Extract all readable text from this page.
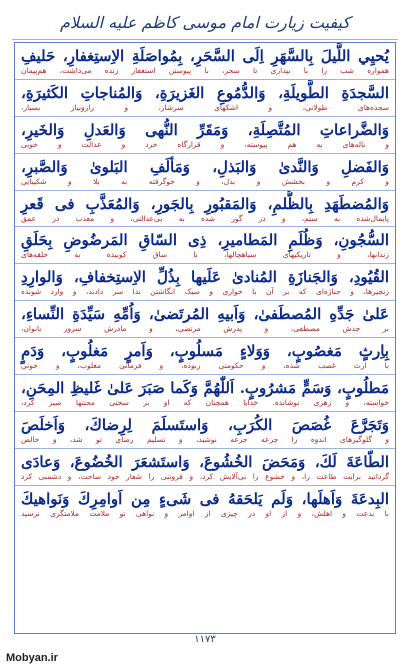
کیفیت زیارت امام موسی کاظم علیه السلام
يُحيِي اللَّيلَ بِالسَّهَرِ اِلَى السَّحَرِ، بِمُواصَلَةِ الاِستِغفارِ، حَليفِ
همواره شب را با بیداری تا سحر، با پیوستن استغفار زنده می‌داشت، هم‌پیمان
السَّجدَةِ الطَّويلَةِ، وَالدُّمُوعِ الغَزيرَةِ، وَالمُناجاتِ الكَثيرَةِ،
سجده‌های طولانی، و اشکهای سرشار، و رازونیاز بسیار،
وَالضَّراعاتِ المُتَّصِلَةِ، وَمَقَرِّ النُّهى وَالعَدلِ وَالخَيرِ،
و ناله‌های به هم پیوسته، و قرارگاه خرد و عدالت و خوبی
وَالفَضلِ وَالنَّدىٰ وَالبَذلِ، وَمَألَفِ البَلوىٰ وَالصَّبرِ،
و کرم و بخشش و بذل، و خوگرفته به بلا و شکیبایی
وَالمُضطَهَدِ بِالظُّلمِ، وَالمَقبُورِ بِالجَورِ، وَالمُعَذَّبِ فى قَعرِ
پایمال‌شده به ستم، و در گور شده به بی‌عدالتی، و معذب در عمق
السُّجُونِ، وَظُلَمِ المَطاميرِ، ذِى السّاقِ المَرضُوضِ بِحَلَقِ
زندانها، و تاریکیهای سیاهچالها، با ساق کوبیده به حلقه‌های
القُيُودِ، وَالجَنازَةِ المُنادىٰ عَلَيها بِذُلِّ الاِستِخفافِ، وَالوارِدِ
زنجیرها، و جنازه‌ای که بر آن با خواری و سبک انگاشتن ندا سر دادند، و وارد شونده
عَلىٰ جَدِّهِ المُصطَفىٰ، وَاَبيهِ المُرتَضىٰ، وَاُمِّهِ سَيِّدَةِ النِّساءِ،
بر جدش مصطفی، و پدرش مرتضی، و مادرش سرور بانوان،
بِاِرثٍ مَغصُوبٍ، وَوَلاءٍ مَسلُوبٍ، وَاَمرٍ مَغلُوبٍ، وَدَمٍ
با ارث غصب شده، و حکومتی ربوده، و فرمانی مغلوب، و خونی
مَطلُوبٍ، وَسَمٍّ مَشرُوبٍ. اَللّٰهُمَّ وَكَما صَبَرَ عَلىٰ غَليظِ المِحَنِ،
خواسته، و زهری نوشانده. خدایا همچنان که او بر سختی محنتها صبر کرد،
وَتَجَرَّعَ غُصَصَ الكُرَبِ، وَاستَسلَمَ لِرِضاكَ، وَاَخلَصَ
و گلوگیرهای اندوه را جرعه جرعه نوشید، و تسلیم رضای تو شد، و خالص
الطّاعَةَ لَكَ، وَمَحَضَ الخُشُوعَ، وَاستَشعَرَ الخُضُوعَ، وَعادَى
گردانید برایت طاعت را، و خشوع را بی‌آلایش کرد، و فروتنی را شعار خود ساخت، و دشمنی کرد
البِدعَةَ وَاَهلَها، وَلَم يَلحَقهُ فى شَىءٍ مِن اَوامِرِكَ وَنَواهيكَ
با بدعت و اهلش، و از او در چیزی از اوامر و نواهی تو ملامت ملامتگری نرسید
۱۱۷۳
Mobyan.ir
